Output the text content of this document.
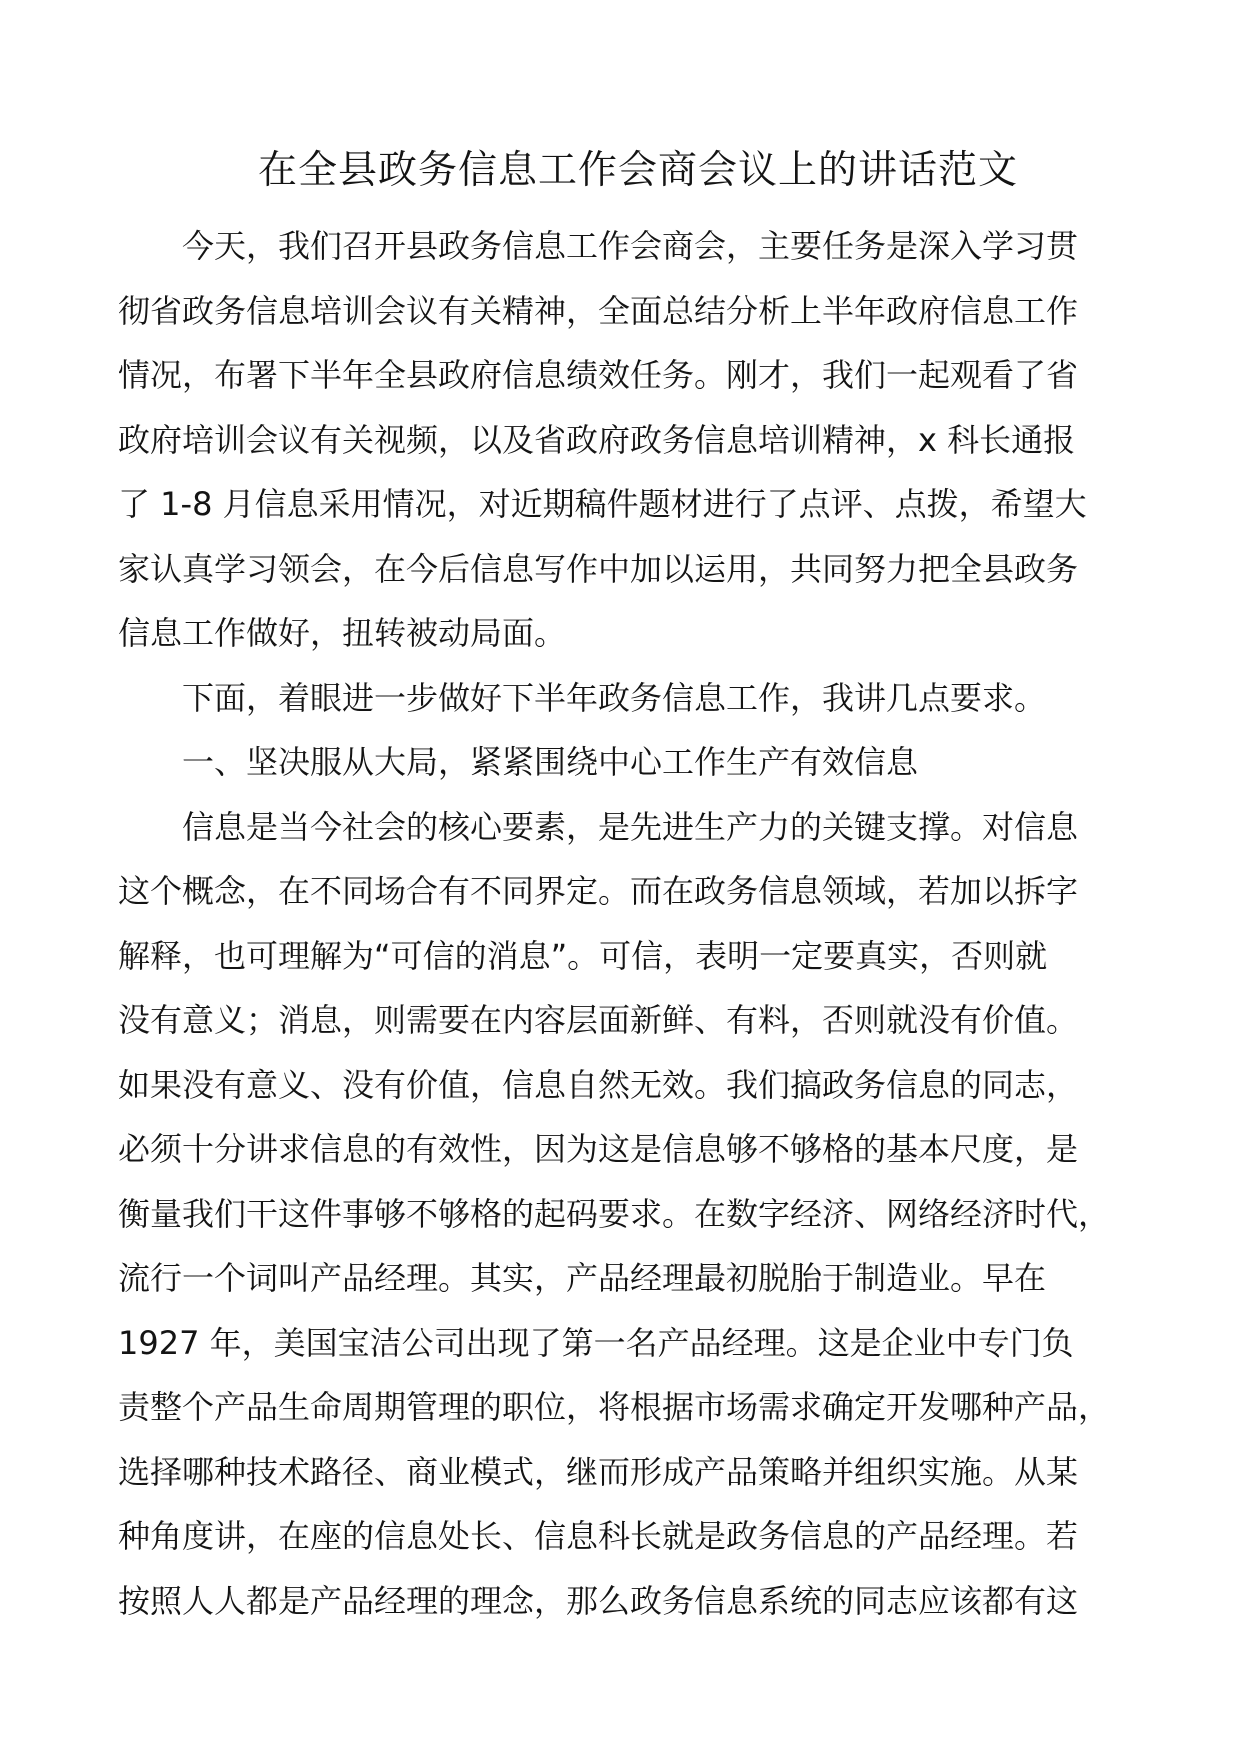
在全县政务信息工作会商会议上的讲话范文

今天，我们召开县政务信息工作会商会，主要任务是深入学习贯
彻省政务信息培训会议有关精神，全面总结分析上半年政府信息工作
情况，布署下半年全县政府信息绩效任务。刚才，我们一起观看了省
政府培训会议有关视频，以及省政府政务信息培训精神，x 科长通报
了 1-8 月信息采用情况，对近期稿件题材进行了点评、点拨，希望大
家认真学习领会，在今后信息写作中加以运用，共同努力把全县政务
信息工作做好，扭转被动局面。

下面，着眼进一步做好下半年政务信息工作，我讲几点要求。

一、坚决服从大局，紧紧围绕中心工作生产有效信息

信息是当今社会的核心要素，是先进生产力的关键支撑。对信息
这个概念，在不同场合有不同界定。而在政务信息领域，若加以拆字
解释，也可理解为“可信的消息”。可信，表明一定要真实，否则就
没有意义；消息，则需要在内容层面新鲜、有料，否则就没有价值。
如果没有意义、没有价值，信息自然无效。我们搞政务信息的同志，
必须十分讲求信息的有效性，因为这是信息够不够格的基本尺度，是
衡量我们干这件事够不够格的起码要求。在数字经济、网络经济时代，
流行一个词叫产品经理。其实，产品经理最初脱胎于制造业。早在
1927 年，美国宝洁公司出现了第一名产品经理。这是企业中专门负
责整个产品生命周期管理的职位，将根据市场需求确定开发哪种产品，
选择哪种技术路径、商业模式，继而形成产品策略并组织实施。从某
种角度讲，在座的信息处长、信息科长就是政务信息的产品经理。若
按照人人都是产品经理的理念，那么政务信息系统的同志应该都有这
